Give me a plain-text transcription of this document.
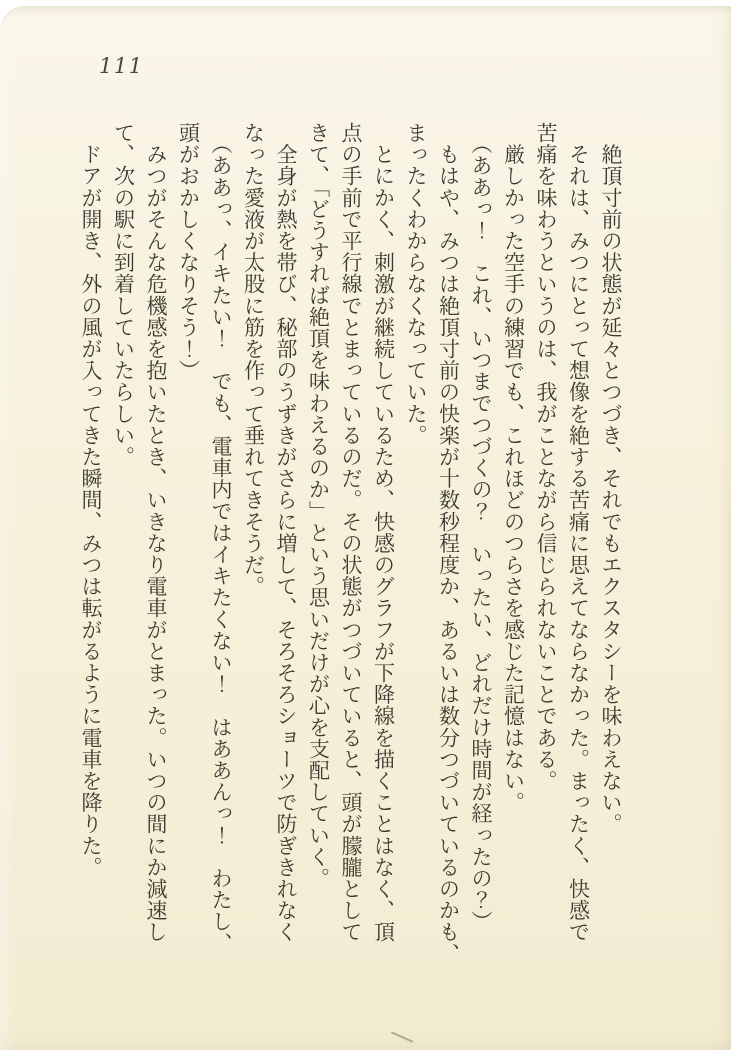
111
　絶頂寸前の状態が延々とつづき、それでもエクスタシーを味わえない。
　それは、みつにとって想像を絶する苦痛に思えてならなかった。まったく、快感で
苦痛を味わうというのは、我がことながら信じられないことである。
　厳しかった空手の練習でも、これほどのつらさを感じた記憶はない。
　（ああっ！　これ、いつまでつづくの？　いったい、どれだけ時間が経ったの？）
　もはや、みつは絶頂寸前の快楽が十数秒程度か、あるいは数分つづいているのかも、
まったくわからなくなっていた。
　とにかく、刺激が継続しているため、快感のグラフが下降線を描くことはなく、頂
点の手前で平行線でとまっているのだ。その状態がつづいていると、頭が朦朧として
きて、「どうすれば絶頂を味わえるのか」という思いだけが心を支配していく。
　全身が熱を帯び、秘部のうずきがさらに増して、そろそろショーツで防ぎきれなく
なった愛液が太股に筋を作って垂れてきそうだ。
　（ああっ、イキたい！　でも、電車内ではイキたくない！　はああんっ！　わたし、
頭がおかしくなりそう！）
　みつがそんな危機感を抱いたとき、いきなり電車がとまった。いつの間にか減速し
て、次の駅に到着していたらしい。
　ドアが開き、外の風が入ってきた瞬間、みつは転がるように電車を降りた。
